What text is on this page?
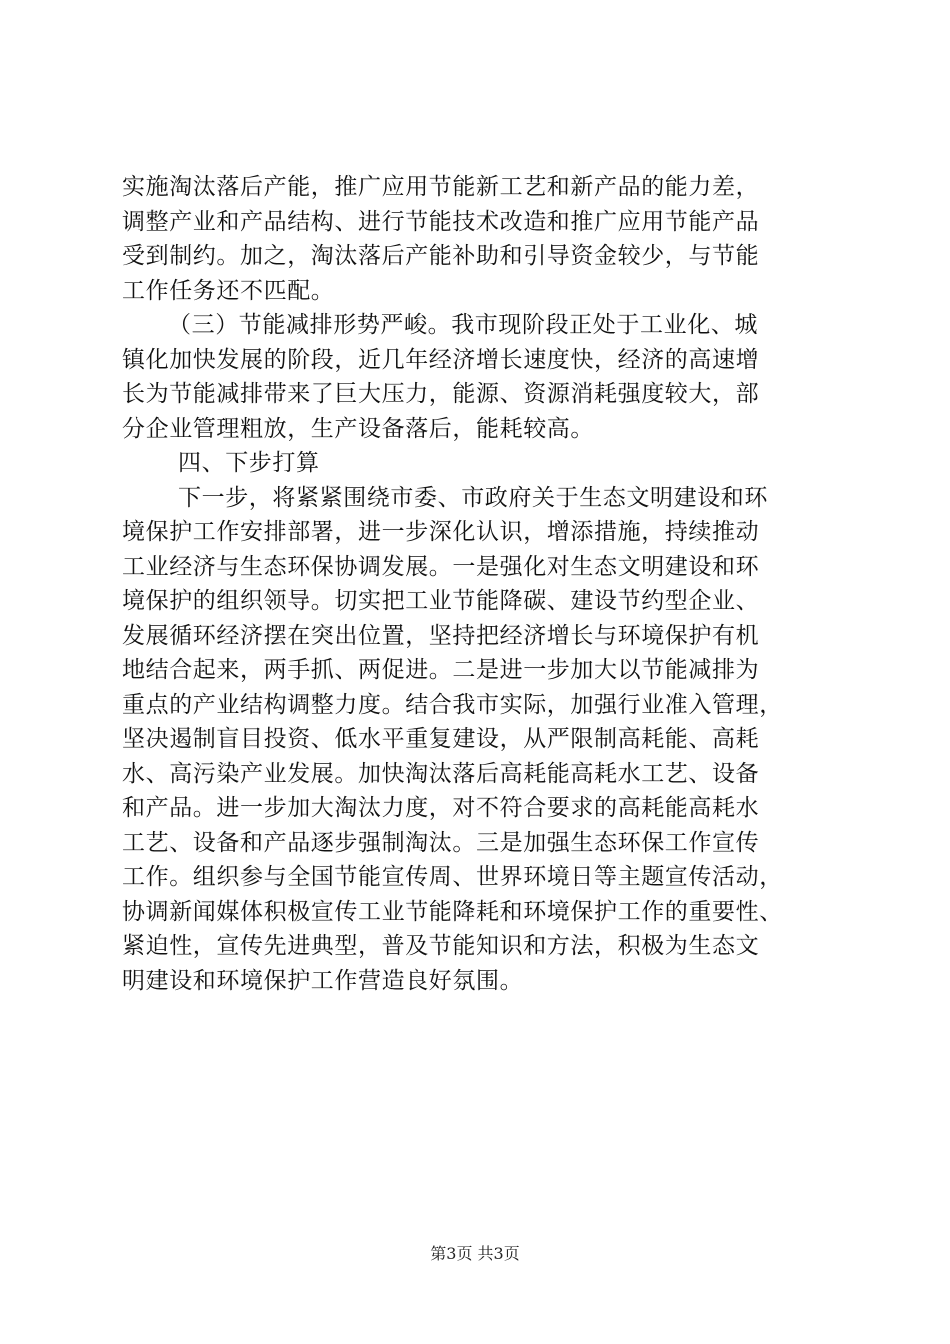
实施淘汰落后产能，推广应用节能新工艺和新产品的能力差，
调整产业和产品结构、进行节能技术改造和推广应用节能产品
受到制约。加之，淘汰落后产能补助和引导资金较少，与节能
工作任务还不匹配。
（三）节能减排形势严峻。我市现阶段正处于工业化、城
镇化加快发展的阶段，近几年经济增长速度快，经济的高速增
长为节能减排带来了巨大压力，能源、资源消耗强度较大，部
分企业管理粗放，生产设备落后，能耗较高。
四、下步打算
下一步，将紧紧围绕市委、市政府关于生态文明建设和环
境保护工作安排部署，进一步深化认识，增添措施，持续推动
工业经济与生态环保协调发展。一是强化对生态文明建设和环
境保护的组织领导。切实把工业节能降碳、建设节约型企业、
发展循环经济摆在突出位置，坚持把经济增长与环境保护有机
地结合起来，两手抓、两促进。二是进一步加大以节能减排为
重点的产业结构调整力度。结合我市实际，加强行业准入管理，
坚决遏制盲目投资、低水平重复建设，从严限制高耗能、高耗
水、高污染产业发展。加快淘汰落后高耗能高耗水工艺、设备
和产品。进一步加大淘汰力度，对不符合要求的高耗能高耗水
工艺、设备和产品逐步强制淘汰。三是加强生态环保工作宣传
工作。组织参与全国节能宣传周、世界环境日等主题宣传活动，
协调新闻媒体积极宣传工业节能降耗和环境保护工作的重要性、
紧迫性，宣传先进典型，普及节能知识和方法，积极为生态文
明建设和环境保护工作营造良好氛围。
第3页 共3页
